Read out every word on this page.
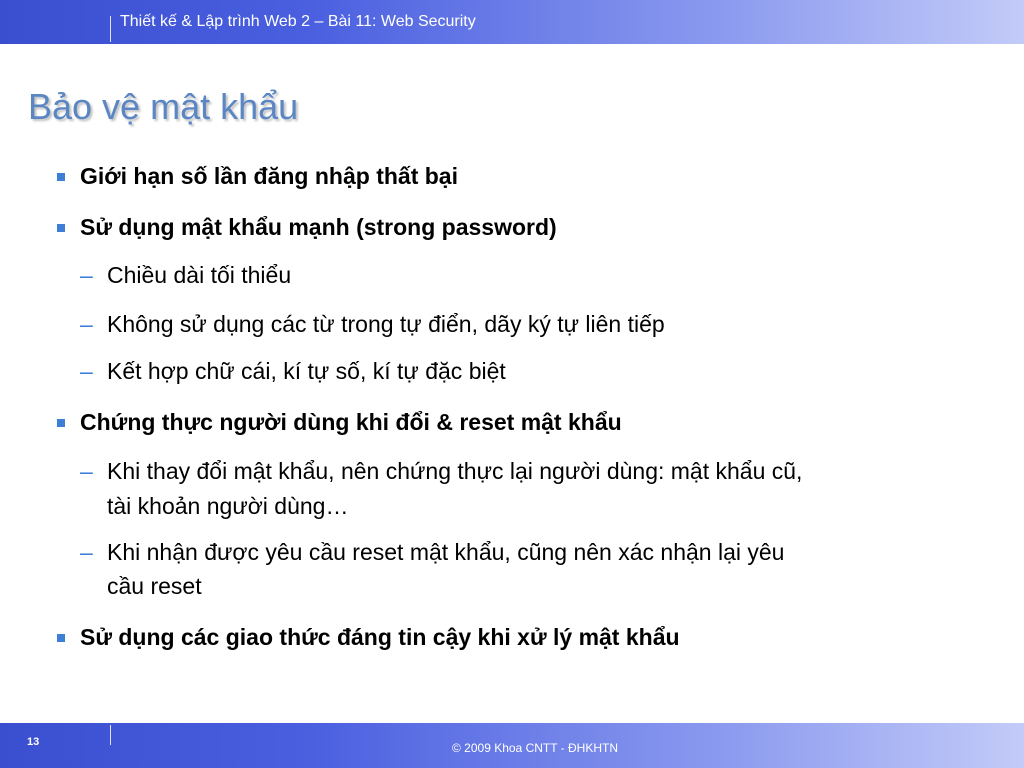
Thiết kế & Lập trình Web 2 – Bài 11: Web Security
Bảo vệ mật khẩu
Giới hạn số lần đăng nhập thất bại
Sử dụng mật khẩu mạnh (strong password)
– Chiều dài tối thiểu
– Không sử dụng các từ trong tự điển, dãy ký tự liên tiếp
– Kết hợp chữ cái, kí tự số, kí tự đặc biệt
Chứng thực người dùng khi đổi & reset mật khẩu
– Khi thay đổi mật khẩu, nên chứng thực lại người dùng: mật khẩu cũ,
tài khoản người dùng…
– Khi nhận được yêu cầu reset mật khẩu, cũng nên xác nhận lại yêu
cầu reset
Sử dụng các giao thức đáng tin cậy khi xử lý mật khẩu
13	© 2009 Khoa CNTT - ĐHKHTN
